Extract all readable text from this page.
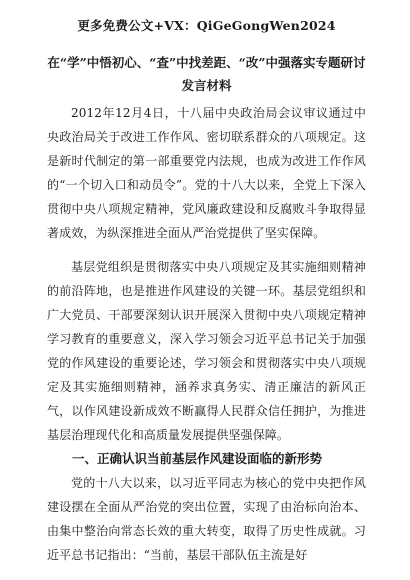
更多免费公文+VX：QiGeGongWen2024
在“学”中悟初心、“查”中找差距、“改”中强落实专题研讨发言材料

2012年12月4日，十八届中央政治局会议审议通过中央政治局关于改进工作作风、密切联系群众的八项规定。这是新时代制定的第一部重要党内法规，也成为改进工作作风的“一个切入口和动员令”。党的十八大以来，全党上下深入贯彻中央八项规定精神，党风廉政建设和反腐败斗争取得显著成效，为纵深推进全面从严治党提供了坚实保障。

基层党组织是贯彻落实中央八项规定及其实施细则精神的前沿阵地，也是推进作风建设的关键一环。基层党组织和广大党员、干部要深刻认识开展深入贯彻中央八项规定精神学习教育的重要意义，深入学习领会习近平总书记关于加强党的作风建设的重要论述，学习领会和贯彻落实中央八项规定及其实施细则精神，涵养求真务实、清正廉洁的新风正气，以作风建设新成效不断赢得人民群众信任拥护，为推进基层治理现代化和高质量发展提供坚强保障。

一、正确认识当前基层作风建设面临的新形势

党的十八大以来，以习近平同志为核心的党中央把作风建设摆在全面从严治党的突出位置，实现了由治标向治本、由集中整治向常态长效的重大转变，取得了历史性成就。习近平总书记指出：“当前，基层干部队伍主流是好
